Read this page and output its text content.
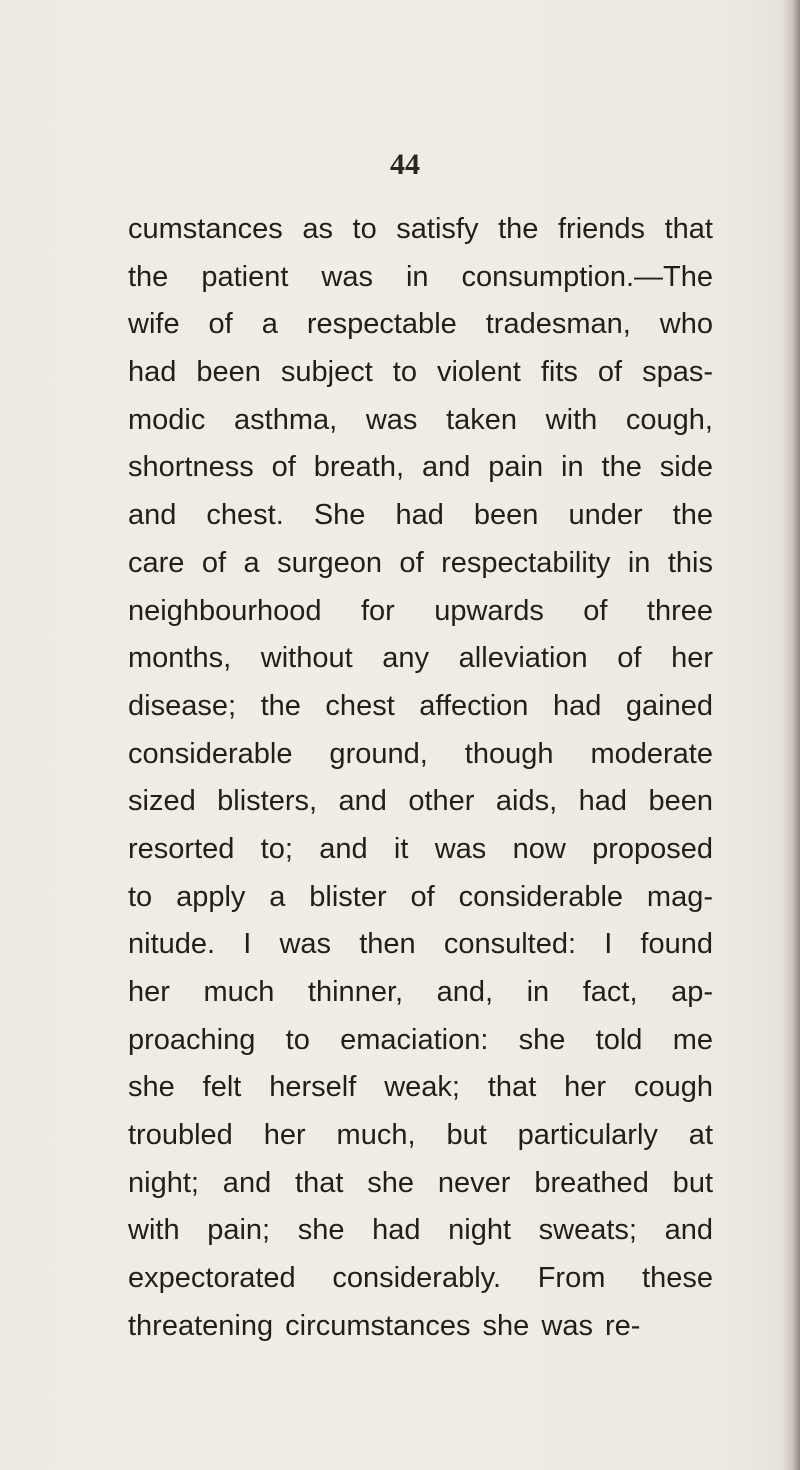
44
cumstances as to satisfy the friends that
the patient was in consumption.—The
wife of a respectable tradesman, who
had been subject to violent fits of spas-
modic asthma, was taken with cough,
shortness of breath, and pain in the side
and chest. She had been under the
care of a surgeon of respectability in this
neighbourhood for upwards of three
months, without any alleviation of her
disease; the chest affection had gained
considerable ground, though moderate
sized blisters, and other aids, had been
resorted to; and it was now proposed
to apply a blister of considerable mag-
nitude. I was then consulted: I found
her much thinner, and, in fact, ap-
proaching to emaciation: she told me
she felt herself weak; that her cough
troubled her much, but particularly at
night; and that she never breathed but
with pain; she had night sweats; and
expectorated considerably. From these
threatening circumstances she was re-
